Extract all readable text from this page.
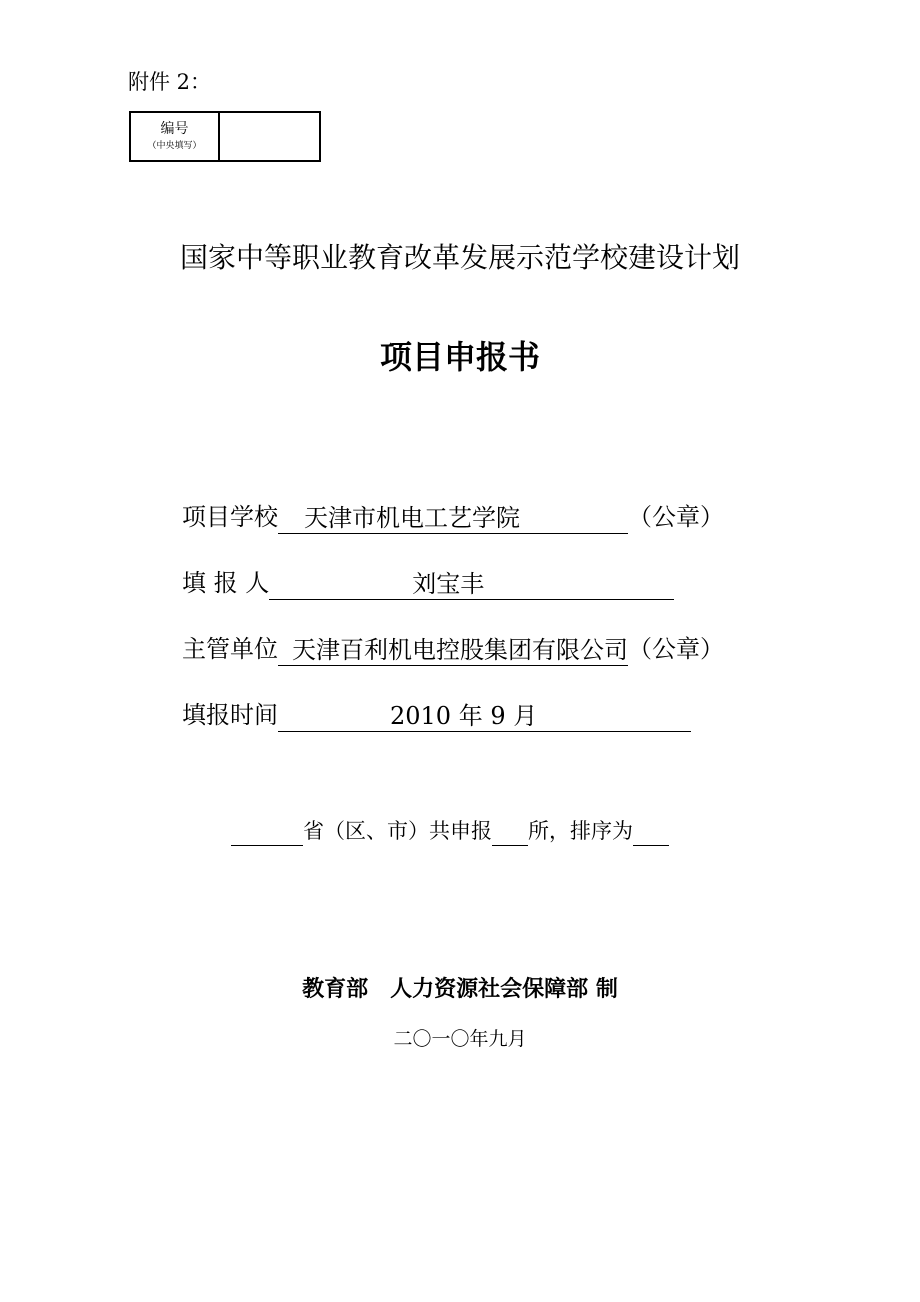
附件 2：
编号
（中央填写）
国家中等职业教育改革发展示范学校建设计划
项目申报书
项目学校	天津市机电工艺学院	（公章）
填 报 人	刘宝丰
主管单位 天津百利机电控股集团有限公司 （公章）
填报时间	2010 年 9 月
省（区、市）共申报 所，排序为
教育部　人力资源社会保障部 制
二〇一〇年九月
